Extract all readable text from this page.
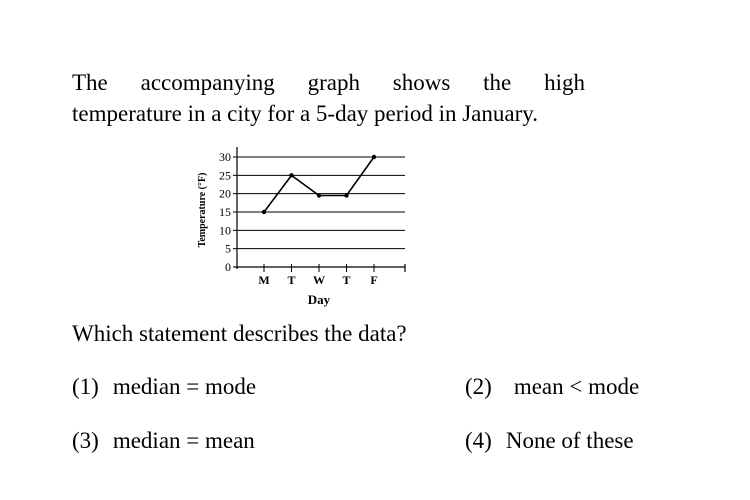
The accompanying graph shows the high
temperature in a city for a 5-day period in January.

0
5
10
15
20
25
30
M T W T F
Temperature (°F)
Day

Which statement describes the data?

(1) median = mode	(2) mean < mode
(3) median = mean	(4) None of these
